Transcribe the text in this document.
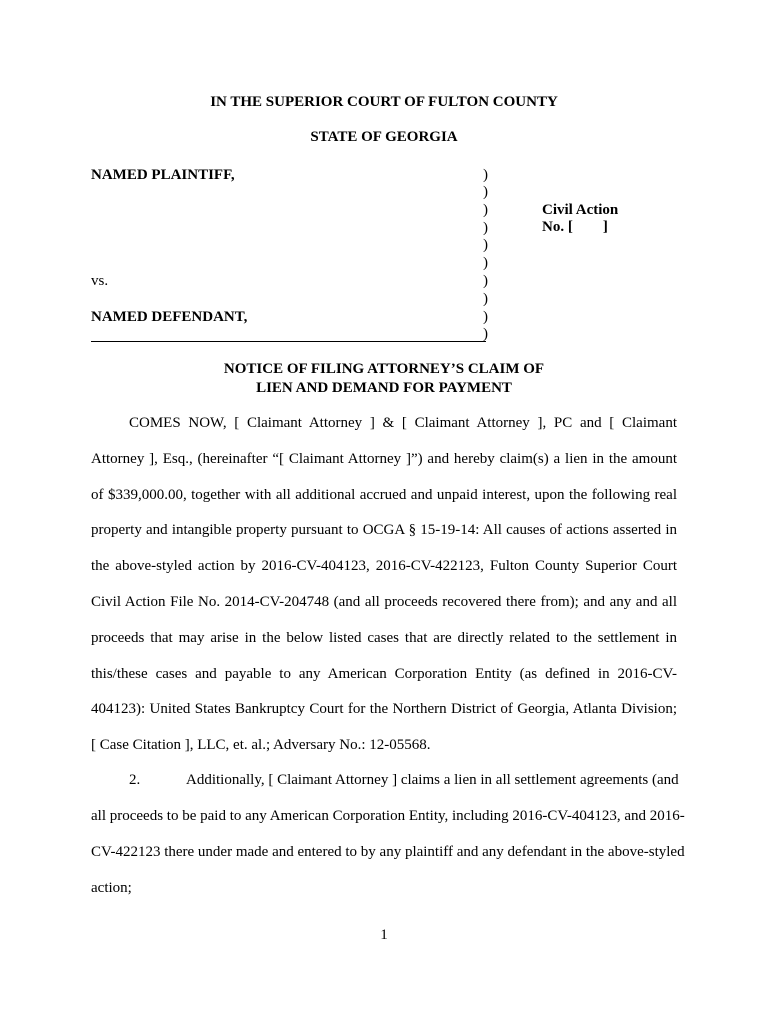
IN THE SUPERIOR COURT OF FULTON COUNTY
STATE OF GEORGIA
NAMED PLAINTIFF,
vs.
NAMED DEFENDANT,
)
)
)
)
)
)
)
)
)
)
Civil Action
No. [        ]
NOTICE OF FILING ATTORNEY’S CLAIM OF
LIEN AND DEMAND FOR PAYMENT
COMES NOW, [ Claimant Attorney ] & [ Claimant Attorney ], PC and [ Claimant
Attorney ], Esq., (hereinafter “[ Claimant Attorney ]”) and hereby claim(s) a lien in the amount
of $339,000.00, together with all additional accrued and unpaid interest, upon the following real
property and intangible property pursuant to OCGA § 15-19-14: All causes of actions asserted in
the above-styled action by 2016-CV-404123, 2016-CV-422123, Fulton County Superior Court
Civil Action File No. 2014-CV-204748 (and all proceeds recovered there from); and any and all
proceeds that may arise in the below listed cases that are directly related to the settlement in
this/these cases and payable to any American Corporation Entity (as defined in 2016-CV-
404123): United States Bankruptcy Court for the Northern District of Georgia, Atlanta Division;
[ Case Citation ], LLC, et. al.; Adversary No.: 12-05568.
2.	Additionally, [ Claimant Attorney ] claims a lien in all settlement agreements (and
all proceeds to be paid to any American Corporation Entity, including 2016-CV-404123, and 2016-
CV-422123 there under made and entered to by any plaintiff and any defendant in the above-styled
action;
1
